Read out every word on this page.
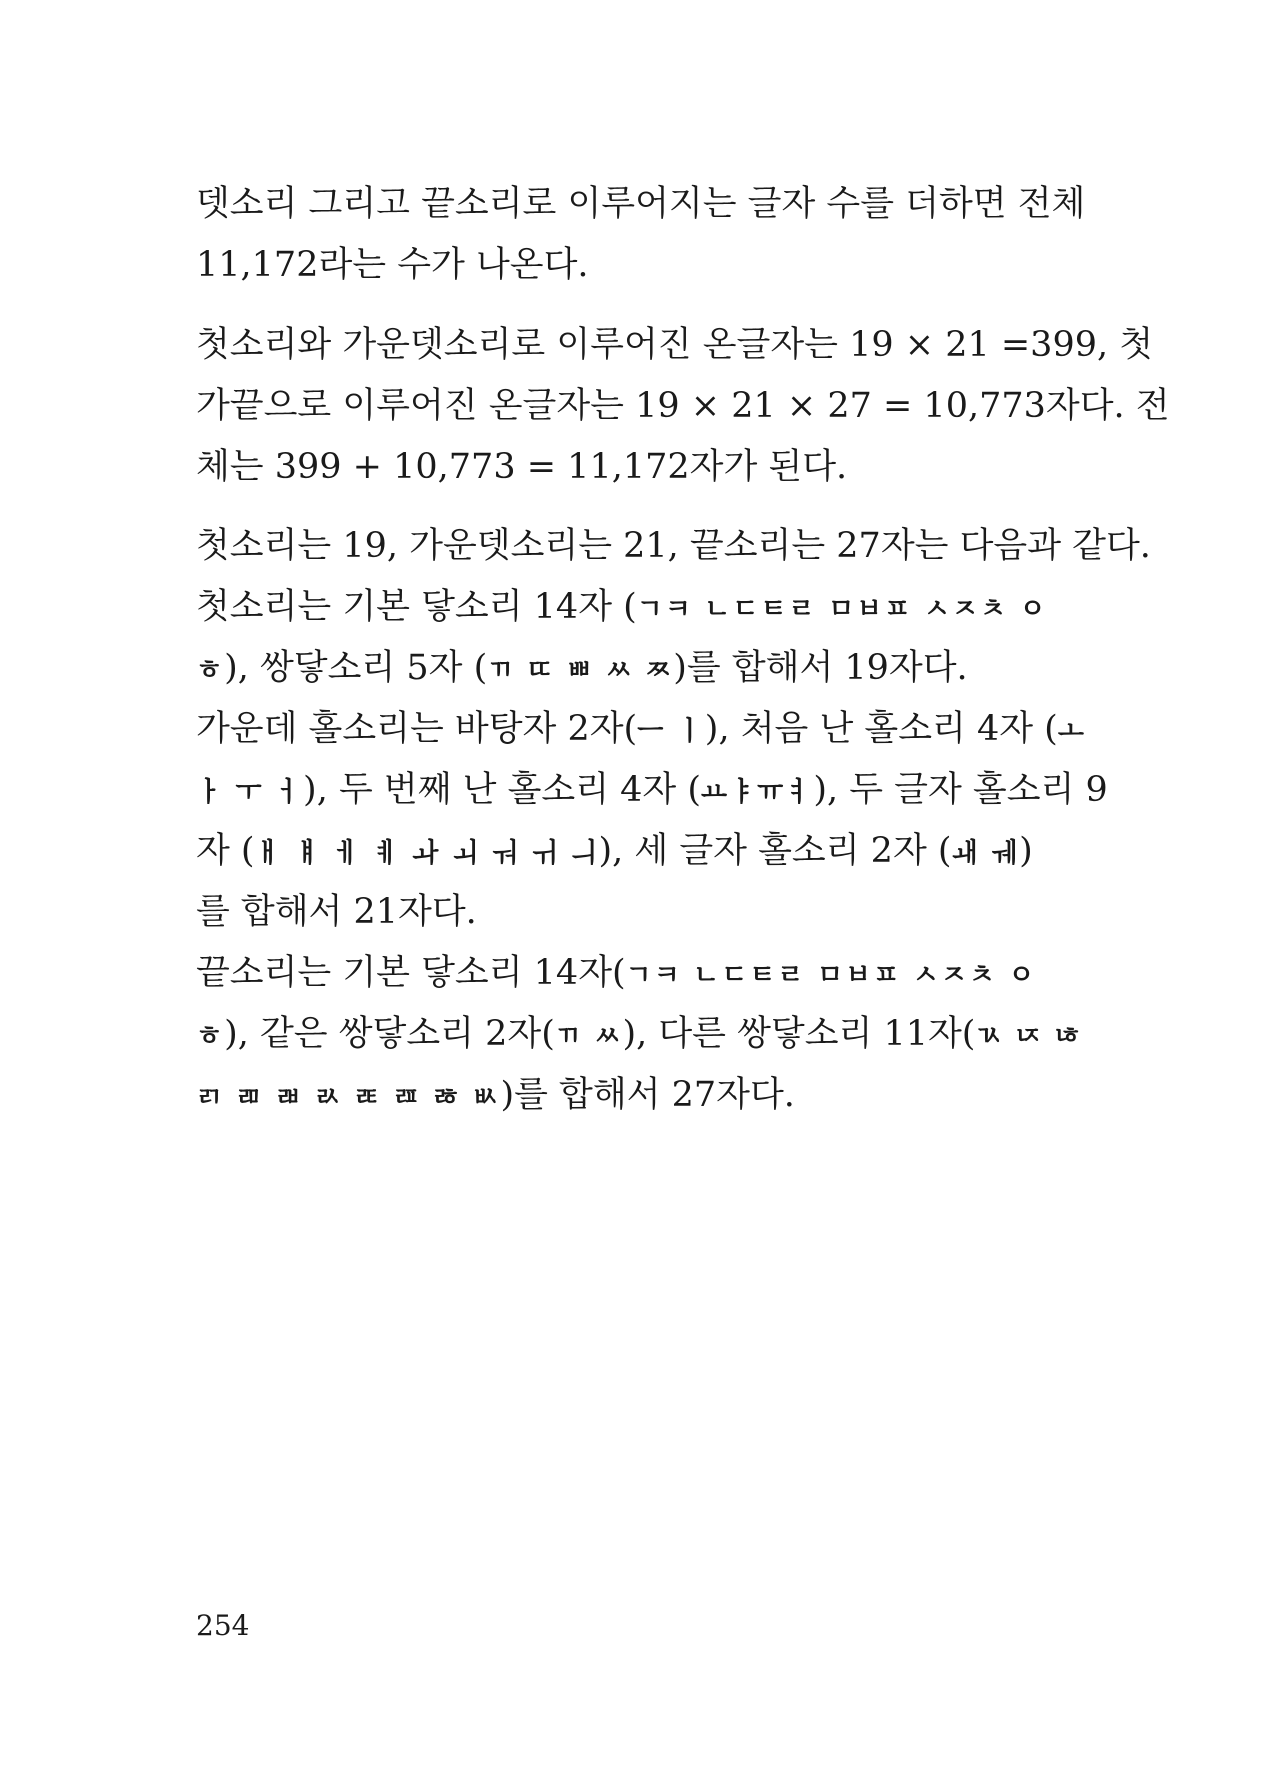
뎃소리 그리고 끝소리로 이루어지는 글자 수를 더하면 전체
11,172라는 수가 나온다.
첫소리와 가운뎃소리로 이루어진 온글자는 19 × 21 =399, 첫
가끝으로 이루어진 온글자는 19 × 21 × 27 = 10,773자다. 전
체는 399 + 10,773 = 11,172자가 된다.
첫소리는 19, 가운뎃소리는 21, 끝소리는 27자는 다음과 같다.
첫소리는 기본 닿소리 14자 (ㄱㅋ ㄴㄷㅌㄹ ㅁㅂㅍ ㅅㅈㅊ ㅇ
ㅎ), 쌍닿소리 5자 (ㄲ ㄸ ㅃ ㅆ ㅉ)를 합해서 19자다.
가운데 홀소리는 바탕자 2자(ㅡ ㅣ), 처음 난 홀소리 4자 (ㅗ
ㅏ ㅜ ㅓ), 두 번째 난 홀소리 4자 (ㅛㅑㅠㅕ), 두 글자 홀소리 9
자 (ㅐ ㅒ ㅔ ㅖ ㅘ ㅚ ㅝ ㅟ ㅢ), 세 글자 홀소리 2자 (ㅙ ㅞ)
를 합해서 21자다.
끝소리는 기본 닿소리 14자(ㄱㅋ ㄴㄷㅌㄹ ㅁㅂㅍ ㅅㅈㅊ ㅇ
ㅎ), 같은 쌍닿소리 2자(ㄲ ㅆ), 다른 쌍닿소리 11자(ㄳ ㄵ ㄶ
ㄺ ㄻ ㄼ ㄽ ㄾ ㄿ ㅀ ㅄ)를 합해서 27자다.
254
